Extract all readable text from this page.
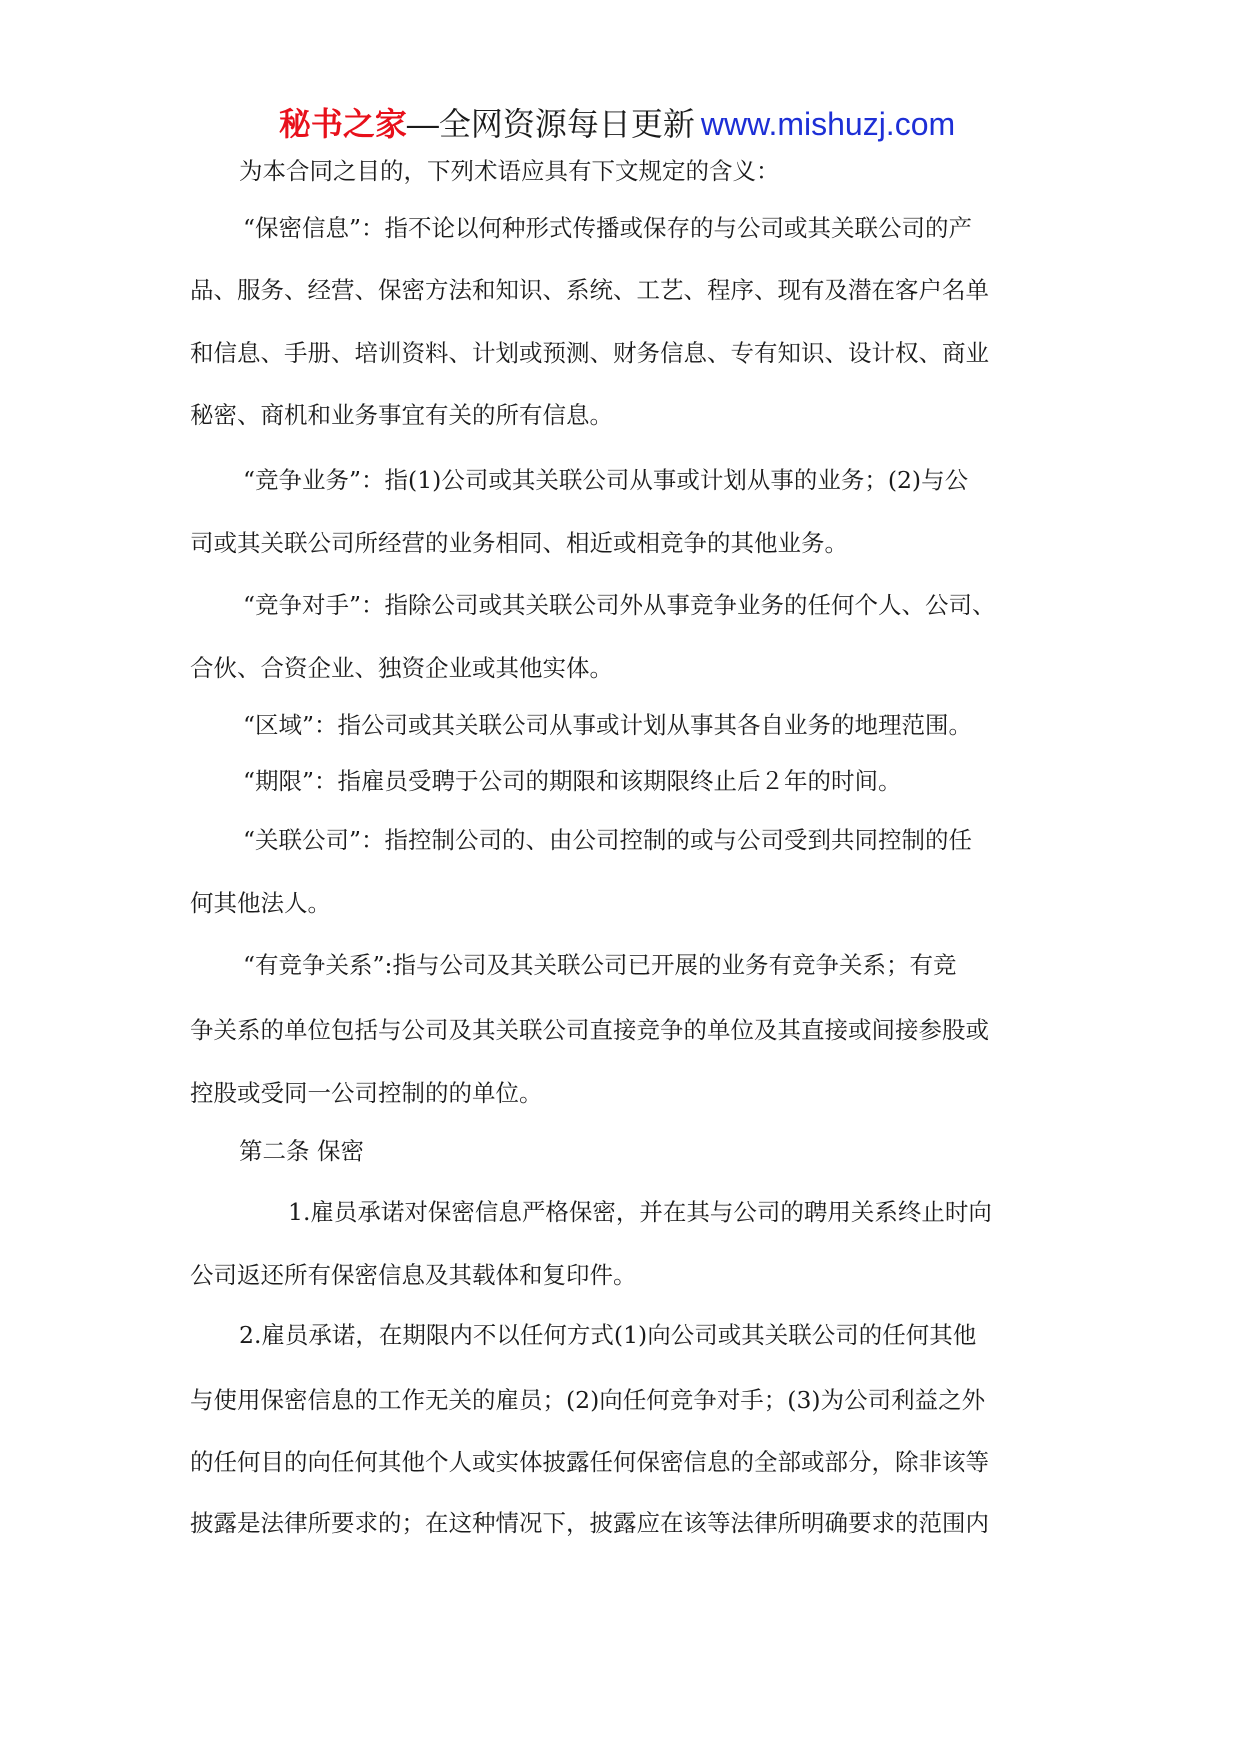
秘书之家—全网资源每日更新 www.mishuzj.com
为本合同之目的，下列术语应具有下文规定的含义：
“保密信息”：指不论以何种形式传播或保存的与公司或其关联公司的产
品、服务、经营、保密方法和知识、系统、工艺、程序、现有及潜在客户名单
和信息、手册、培训资料、计划或预测、财务信息、专有知识、设计权、商业
秘密、商机和业务事宜有关的所有信息。
“竞争业务”：指(1)公司或其关联公司从事或计划从事的业务；(2)与公
司或其关联公司所经营的业务相同、相近或相竞争的其他业务。
“竞争对手”：指除公司或其关联公司外从事竞争业务的任何个人、公司、
合伙、合资企业、独资企业或其他实体。
“区域”：指公司或其关联公司从事或计划从事其各自业务的地理范围。
“期限”：指雇员受聘于公司的期限和该期限终止后２年的时间。
“关联公司”：指控制公司的、由公司控制的或与公司受到共同控制的任
何其他法人。
“有竞争关系”:指与公司及其关联公司已开展的业务有竞争关系；有竞
争关系的单位包括与公司及其关联公司直接竞争的单位及其直接或间接参股或
控股或受同一公司控制的的单位。
第二条 保密
1.雇员承诺对保密信息严格保密，并在其与公司的聘用关系终止时向
公司返还所有保密信息及其载体和复印件。
2.雇员承诺，在期限内不以任何方式(1)向公司或其关联公司的任何其他
与使用保密信息的工作无关的雇员；(2)向任何竞争对手；(3)为公司利益之外
的任何目的向任何其他个人或实体披露任何保密信息的全部或部分，除非该等
披露是法律所要求的；在这种情况下，披露应在该等法律所明确要求的范围内
